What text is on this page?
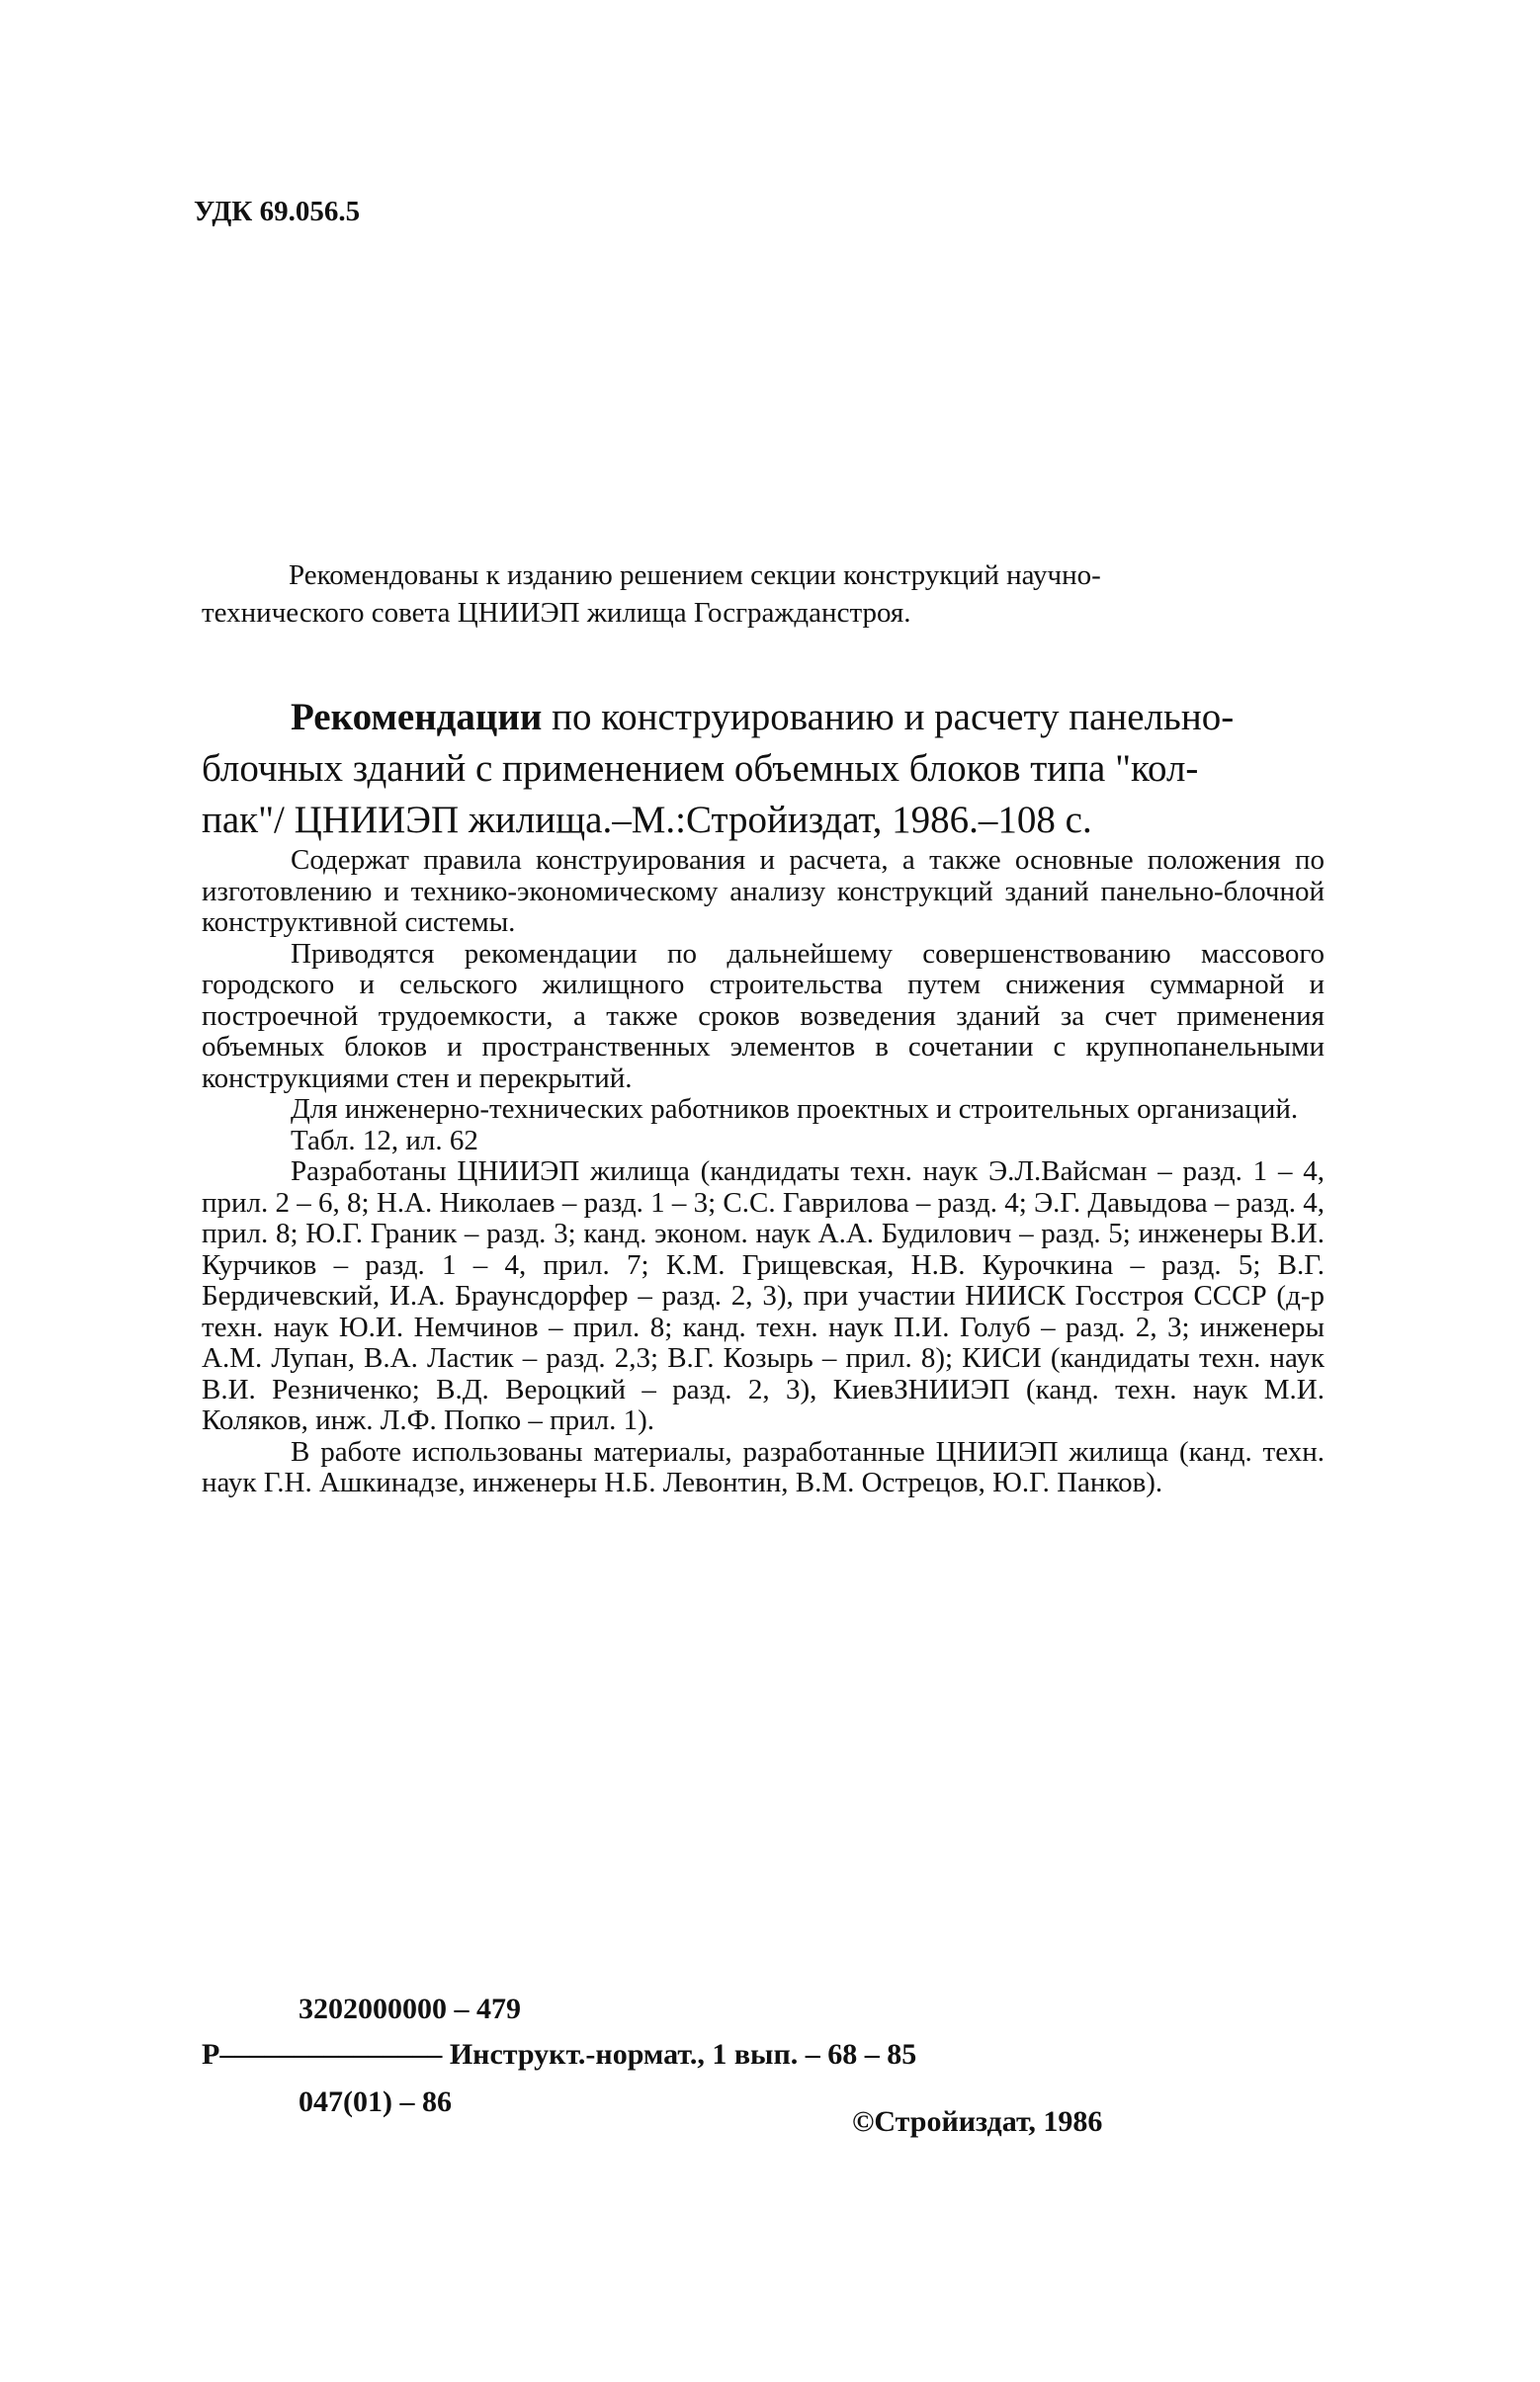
УДК 69.056.5

Рекомендованы к изданию решением секции конструкций научно-

технического совета ЦНИИЭП жилища Госгражданстроя.

Рекомендации по конструированию и расчету панельно-
блочных зданий с применением объемных блоков типа "кол-
пак"/ ЦНИИЭП жилища.–М.:Стройиздат, 1986.–108 с.

Содержат правила конструирования и расчета, а также основные положения по изготовлению и технико-экономическому анализу конструкций зданий панельно-блочной конструктивной системы.

Приводятся рекомендации по дальнейшему совершенствованию массового городского и сельского жилищного строительства путем снижения суммарной и построечной трудоемкости, а также сроков возведения зданий за счет применения объемных блоков и пространственных элементов в сочетании с крупнопанельными конструкциями стен и перекрытий.

Для инженерно-технических работников проектных и строительных организаций.

Табл. 12, ил. 62

Разработаны ЦНИИЭП жилища (кандидаты техн. наук Э.Л.Вайсман – разд. 1 – 4, прил. 2 – 6, 8; Н.А. Николаев – разд. 1 – 3; С.С. Гаврилова – разд. 4; Э.Г. Давыдова – разд. 4, прил. 8; Ю.Г. Граник – разд. 3; канд. эконом. наук А.А. Будилович – разд. 5; инженеры В.И. Курчиков – разд. 1 – 4, прил. 7; К.М. Грищевская, Н.В. Курочкина – разд. 5; В.Г. Бердичевский, И.А. Браунсдорфер – разд. 2, 3), при участии НИИСК Госстроя СССР (д-р техн. наук Ю.И. Немчинов – прил. 8; канд. техн. наук П.И. Голуб – разд. 2, 3; инженеры А.М. Лупан, В.А. Ластик – разд. 2,3; В.Г. Козырь – прил. 8); КИСИ (кандидаты техн. наук В.И. Резниченко; В.Д. Вероцкий – разд. 2, 3), КиевЗНИИЭП (канд. техн. наук М.И. Коляков, инж. Л.Ф. Попко – прил. 1).

В работе использованы материалы, разработанные ЦНИИЭП жилища (канд. техн. наук Г.Н. Ашкинадзе, инженеры Н.Б. Левонтин, В.М. Острецов, Ю.Г. Панков).

3202000000 – 479
Р––––––––––––––– Инструкт.-нормат., 1 вып. – 68 – 85
047(01) – 86
©Стройиздат, 1986
